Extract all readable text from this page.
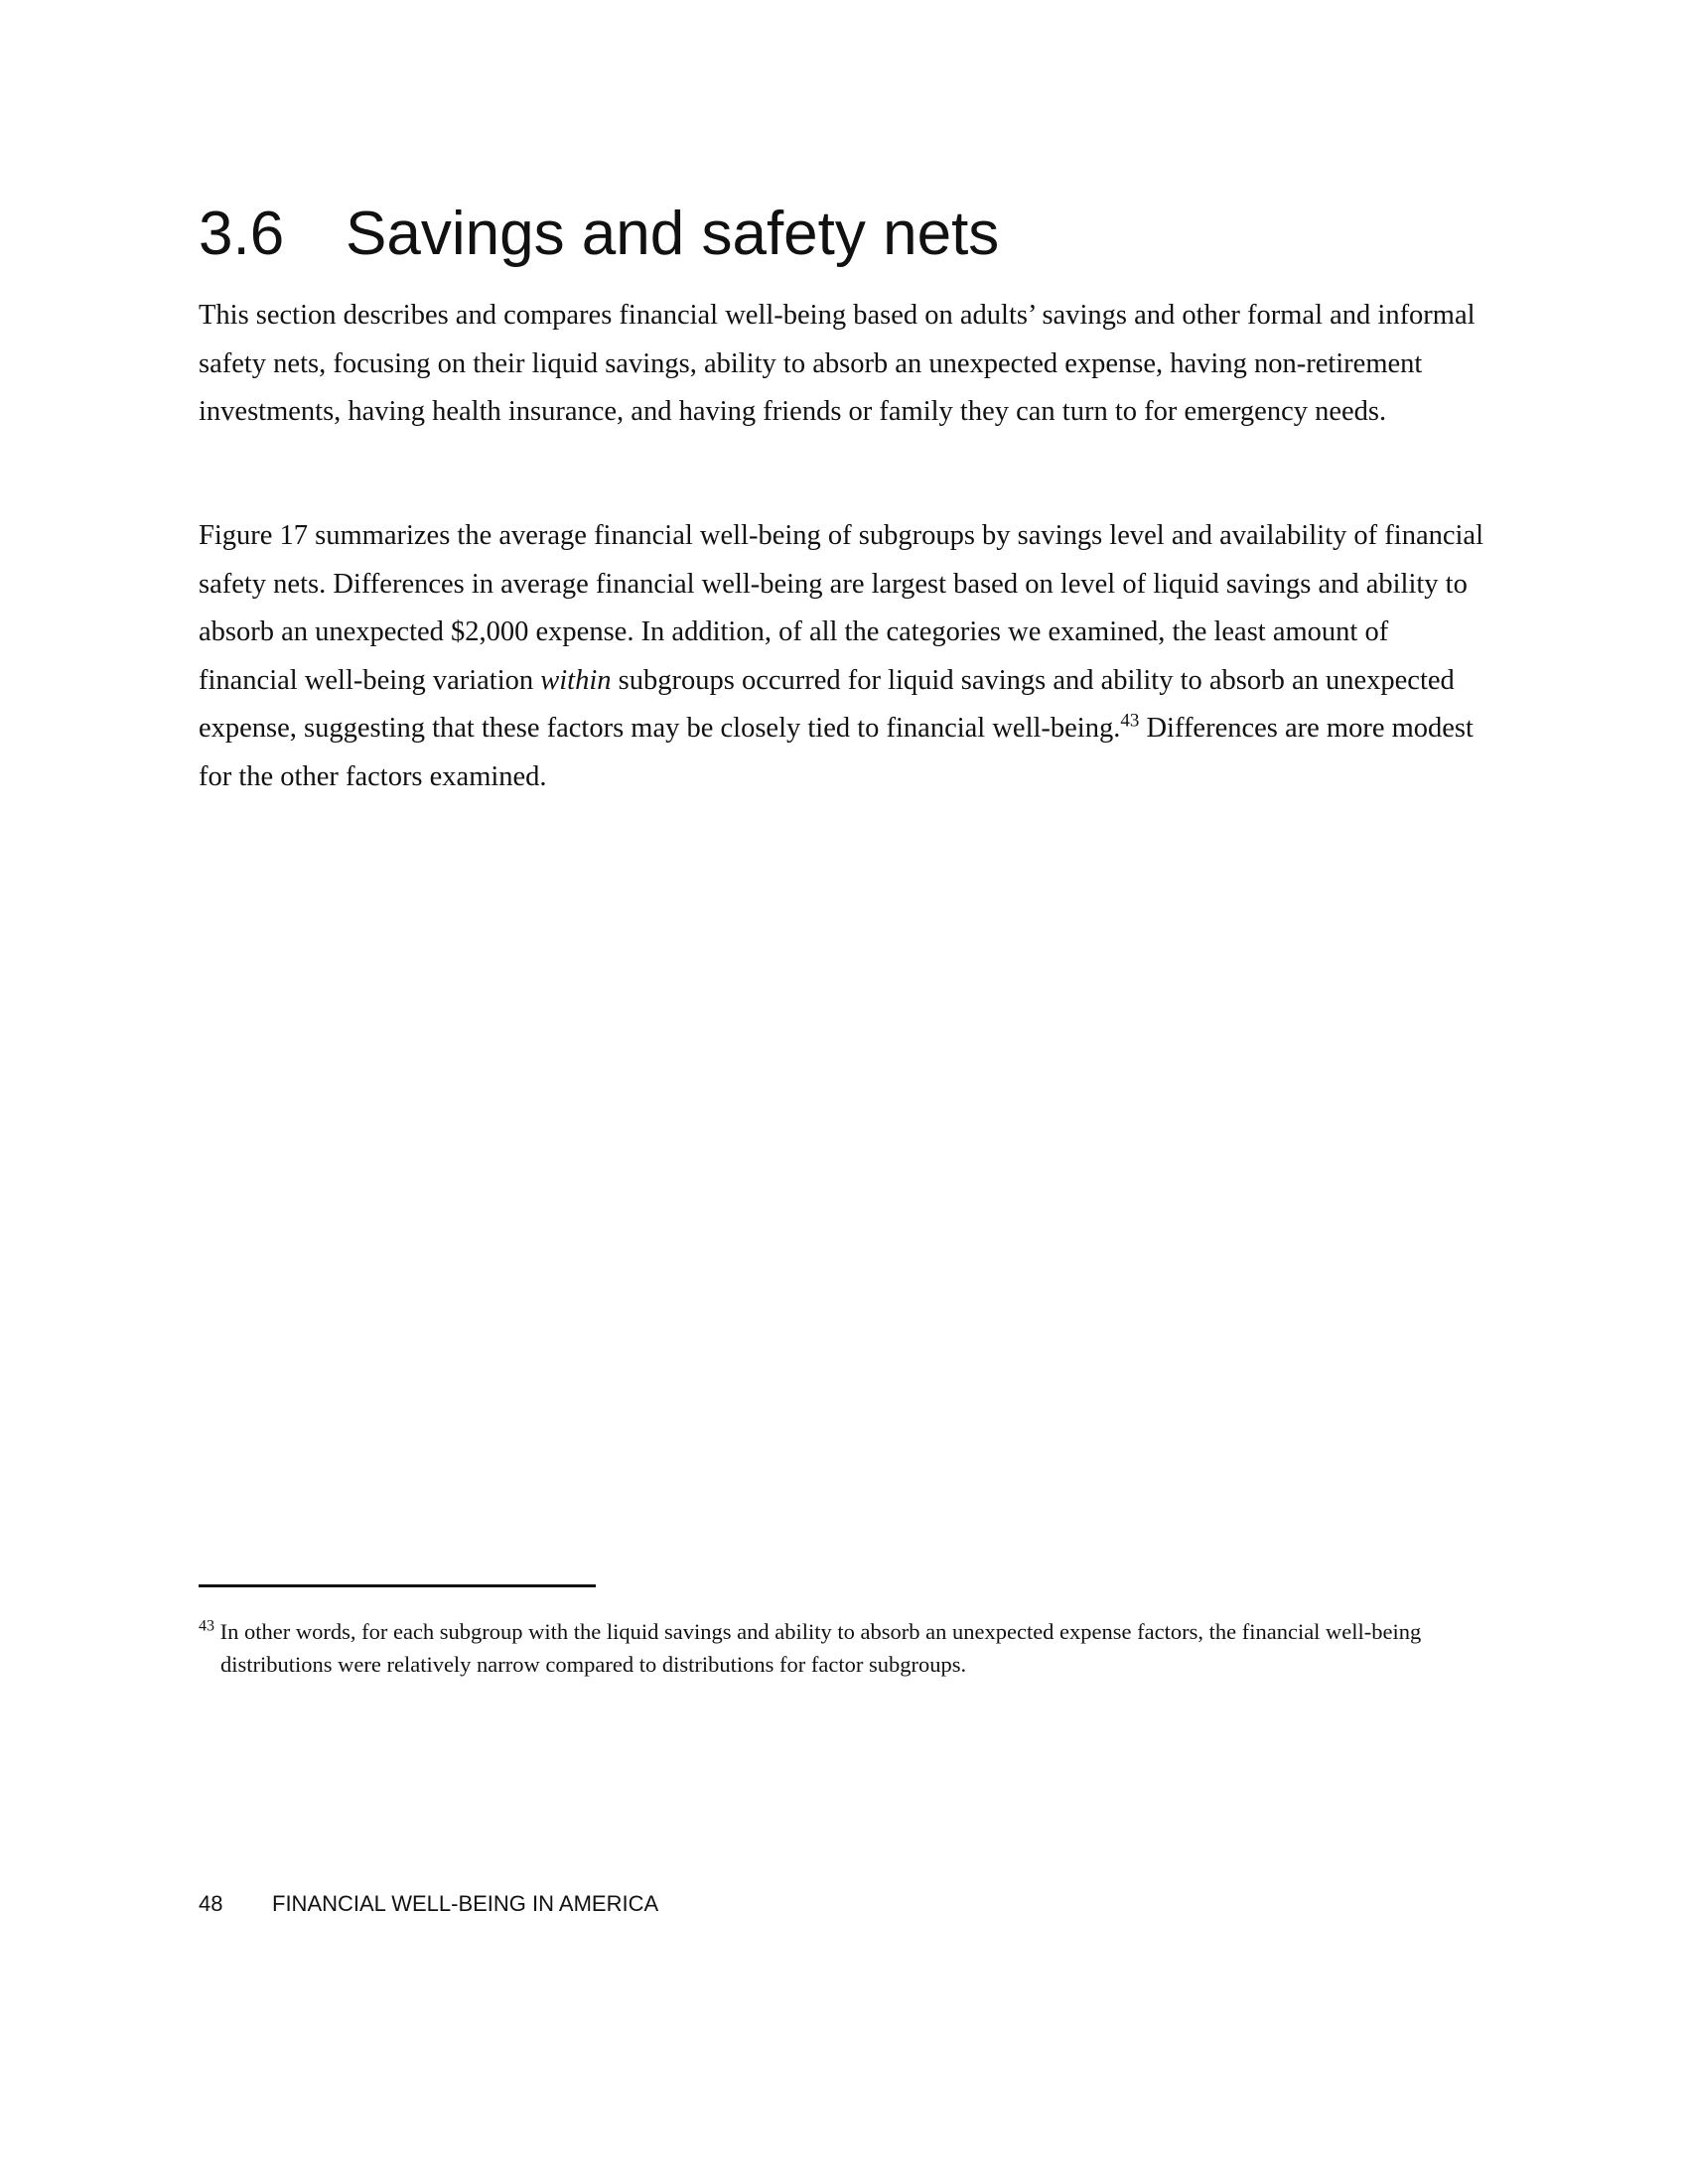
3.6 Savings and safety nets

This section describes and compares financial well-being based on adults’ savings and other formal and informal safety nets, focusing on their liquid savings, ability to absorb an unexpected expense, having non-retirement investments, having health insurance, and having friends or family they can turn to for emergency needs.

Figure 17 summarizes the average financial well-being of subgroups by savings level and availability of financial safety nets. Differences in average financial well-being are largest based on level of liquid savings and ability to absorb an unexpected $2,000 expense. In addition, of all the categories we examined, the least amount of financial well-being variation within subgroups occurred for liquid savings and ability to absorb an unexpected expense, suggesting that these factors may be closely tied to financial well-being.$^{43}$ Differences are more modest for the other factors examined.

$^{43}$ In other words, for each subgroup with the liquid savings and ability to absorb an unexpected expense factors, the financial well-being distributions were relatively narrow compared to distributions for factor subgroups.

48 FINANCIAL WELL-BEING IN AMERICA
